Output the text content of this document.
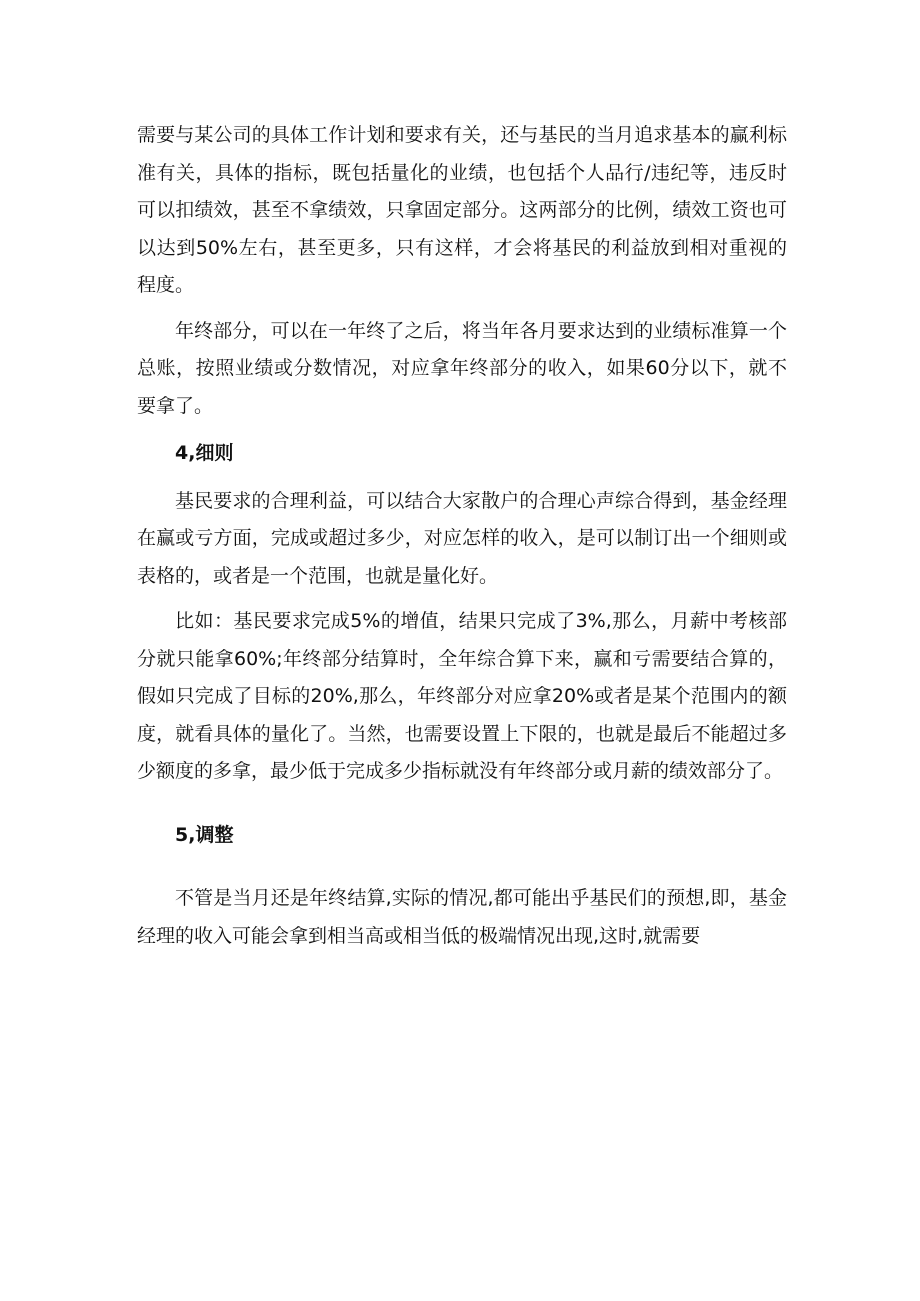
需要与某公司的具体工作计划和要求有关，还与基民的当月追求基本的赢利标准有关，具体的指标，既包括量化的业绩，也包括个人品行/违纪等，违反时可以扣绩效，甚至不拿绩效，只拿固定部分。这两部分的比例，绩效工资也可以达到50%左右，甚至更多，只有这样，才会将基民的利益放到相对重视的程度。

年终部分，可以在一年终了之后，将当年各月要求达到的业绩标准算一个总账，按照业绩或分数情况，对应拿年终部分的收入，如果60分以下，就不要拿了。

4,细则

基民要求的合理利益，可以结合大家散户的合理心声综合得到，基金经理在赢或亏方面，完成或超过多少，对应怎样的收入，是可以制订出一个细则或表格的，或者是一个范围，也就是量化好。

比如：基民要求完成5%的增值，结果只完成了3%,那么，月薪中考核部分就只能拿60%;年终部分结算时，全年综合算下来，赢和亏需要结合算的，假如只完成了目标的20%,那么，年终部分对应拿20%或者是某个范围内的额度，就看具体的量化了。当然，也需要设置上下限的，也就是最后不能超过多少额度的多拿，最少低于完成多少指标就没有年终部分或月薪的绩效部分了。

5,调整

不管是当月还是年终结算,实际的情况,都可能出乎基民们的预想,即，基金经理的收入可能会拿到相当高或相当低的极端情况出现,这时,就需要
